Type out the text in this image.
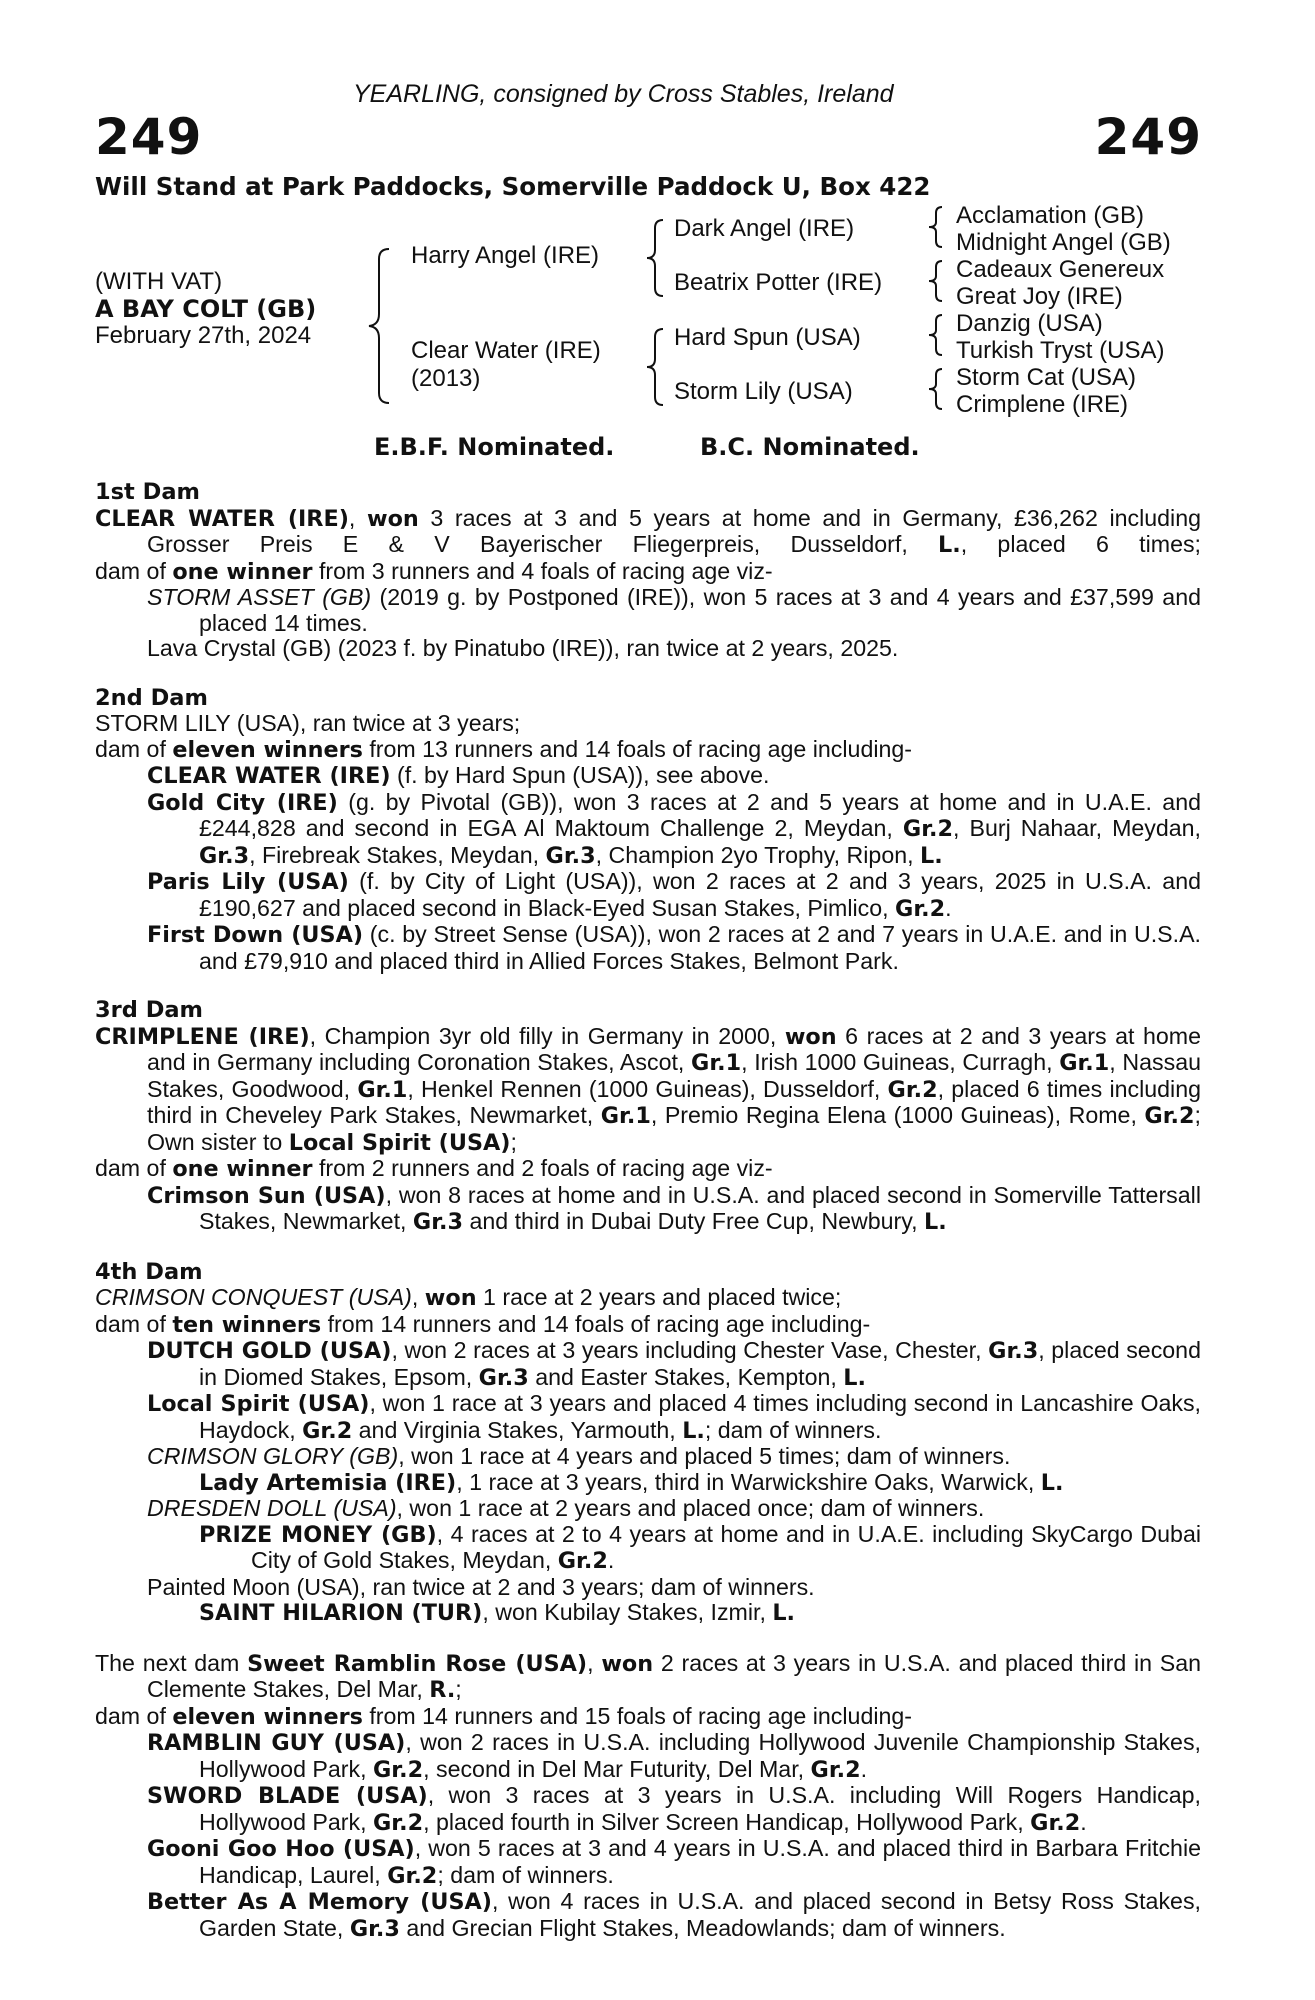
YEARLING, consigned by Cross Stables, Ireland
249	249
Will Stand at Park Paddocks, Somerville Paddock U, Box 422
(WITH VAT)
A BAY COLT (GB)
February 27th, 2024
Harry Angel (IRE)
Clear Water (IRE)
(2013)
Dark Angel (IRE)
Beatrix Potter (IRE)
Hard Spun (USA)
Storm Lily (USA)
Acclamation (GB)
Midnight Angel (GB)
Cadeaux Genereux
Great Joy (IRE)
Danzig (USA)
Turkish Tryst (USA)
Storm Cat (USA)
Crimplene (IRE)
E.B.F. Nominated.	B.C. Nominated.
1st Dam
CLEAR WATER (IRE), won 3 races at 3 and 5 years at home and in Germany, £36,262 including Grosser Preis E & V Bayerischer Fliegerpreis, Dusseldorf, L., placed 6 times;
dam of one winner from 3 runners and 4 foals of racing age viz-
STORM ASSET (GB) (2019 g. by Postponed (IRE)), won 5 races at 3 and 4 years and £37,599 and placed 14 times.
Lava Crystal (GB) (2023 f. by Pinatubo (IRE)), ran twice at 2 years, 2025.
2nd Dam
STORM LILY (USA), ran twice at 3 years;
dam of eleven winners from 13 runners and 14 foals of racing age including-
CLEAR WATER (IRE) (f. by Hard Spun (USA)), see above.
Gold City (IRE) (g. by Pivotal (GB)), won 3 races at 2 and 5 years at home and in U.A.E. and £244,828 and second in EGA Al Maktoum Challenge 2, Meydan, Gr.2, Burj Nahaar, Meydan, Gr.3, Firebreak Stakes, Meydan, Gr.3, Champion 2yo Trophy, Ripon, L.
Paris Lily (USA) (f. by City of Light (USA)), won 2 races at 2 and 3 years, 2025 in U.S.A. and £190,627 and placed second in Black-Eyed Susan Stakes, Pimlico, Gr.2.
First Down (USA) (c. by Street Sense (USA)), won 2 races at 2 and 7 years in U.A.E. and in U.S.A. and £79,910 and placed third in Allied Forces Stakes, Belmont Park.
3rd Dam
CRIMPLENE (IRE), Champion 3yr old filly in Germany in 2000, won 6 races at 2 and 3 years at home and in Germany including Coronation Stakes, Ascot, Gr.1, Irish 1000 Guineas, Curragh, Gr.1, Nassau Stakes, Goodwood, Gr.1, Henkel Rennen (1000 Guineas), Dusseldorf, Gr.2, placed 6 times including third in Cheveley Park Stakes, Newmarket, Gr.1, Premio Regina Elena (1000 Guineas), Rome, Gr.2; Own sister to Local Spirit (USA);
dam of one winner from 2 runners and 2 foals of racing age viz-
Crimson Sun (USA), won 8 races at home and in U.S.A. and placed second in Somerville Tattersall Stakes, Newmarket, Gr.3 and third in Dubai Duty Free Cup, Newbury, L.
4th Dam
CRIMSON CONQUEST (USA), won 1 race at 2 years and placed twice;
dam of ten winners from 14 runners and 14 foals of racing age including-
DUTCH GOLD (USA), won 2 races at 3 years including Chester Vase, Chester, Gr.3, placed second in Diomed Stakes, Epsom, Gr.3 and Easter Stakes, Kempton, L.
Local Spirit (USA), won 1 race at 3 years and placed 4 times including second in Lancashire Oaks, Haydock, Gr.2 and Virginia Stakes, Yarmouth, L.; dam of winners.
CRIMSON GLORY (GB), won 1 race at 4 years and placed 5 times; dam of winners.
Lady Artemisia (IRE), 1 race at 3 years, third in Warwickshire Oaks, Warwick, L.
DRESDEN DOLL (USA), won 1 race at 2 years and placed once; dam of winners.
PRIZE MONEY (GB), 4 races at 2 to 4 years at home and in U.A.E. including SkyCargo Dubai City of Gold Stakes, Meydan, Gr.2.
Painted Moon (USA), ran twice at 2 and 3 years; dam of winners.
SAINT HILARION (TUR), won Kubilay Stakes, Izmir, L.
The next dam Sweet Ramblin Rose (USA), won 2 races at 3 years in U.S.A. and placed third in San Clemente Stakes, Del Mar, R.;
dam of eleven winners from 14 runners and 15 foals of racing age including-
RAMBLIN GUY (USA), won 2 races in U.S.A. including Hollywood Juvenile Championship Stakes, Hollywood Park, Gr.2, second in Del Mar Futurity, Del Mar, Gr.2.
SWORD BLADE (USA), won 3 races at 3 years in U.S.A. including Will Rogers Handicap, Hollywood Park, Gr.2, placed fourth in Silver Screen Handicap, Hollywood Park, Gr.2.
Gooni Goo Hoo (USA), won 5 races at 3 and 4 years in U.S.A. and placed third in Barbara Fritchie Handicap, Laurel, Gr.2; dam of winners.
Better As A Memory (USA), won 4 races in U.S.A. and placed second in Betsy Ross Stakes, Garden State, Gr.3 and Grecian Flight Stakes, Meadowlands; dam of winners.
